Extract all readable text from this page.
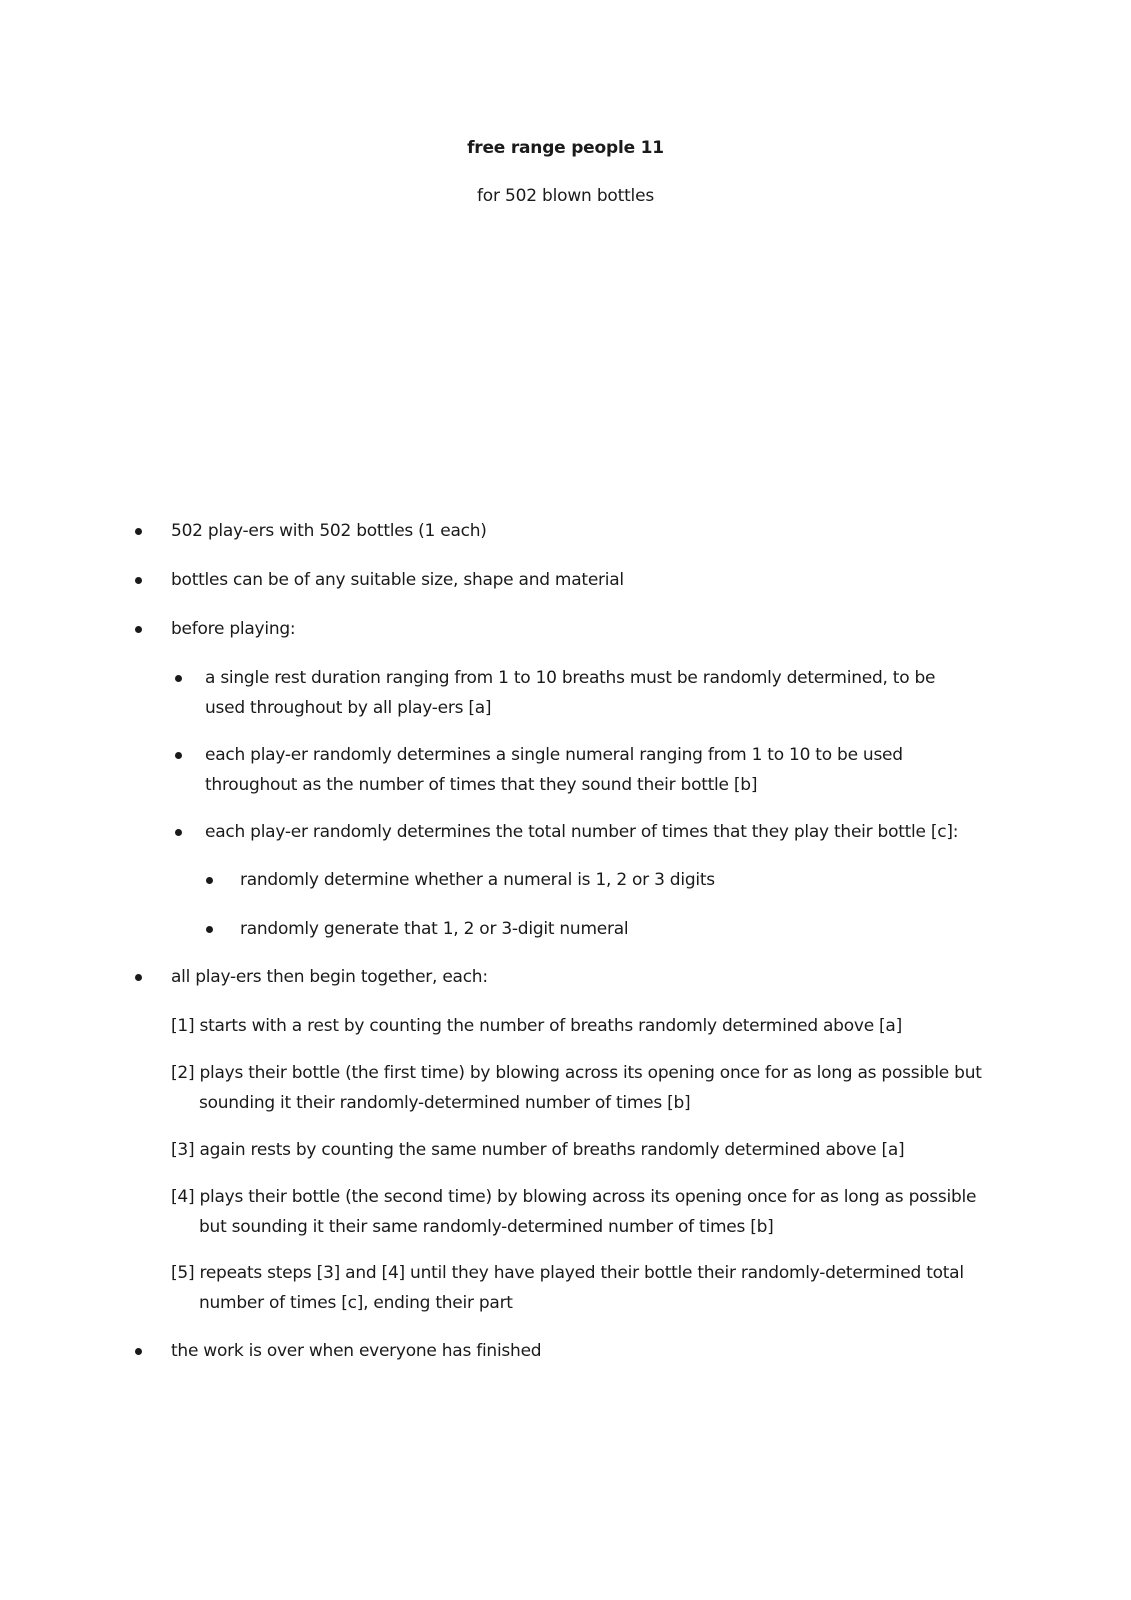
free range people 11
for 502 blown bottles
502 play-ers with 502 bottles (1 each)
bottles can be of any suitable size, shape and material
before playing:
a single rest duration ranging from 1 to 10 breaths must be randomly determined, to be
used throughout by all play-ers [a]
each play-er randomly determines a single numeral ranging from 1 to 10 to be used
throughout as the number of times that they sound their bottle [b]
each play-er randomly determines the total number of times that they play their bottle [c]:
randomly determine whether a numeral is 1, 2 or 3 digits
randomly generate that 1, 2 or 3-digit numeral
all play-ers then begin together, each:
[1] starts with a rest by counting the number of breaths randomly determined above [a]
[2] plays their bottle (the first time) by blowing across its opening once for as long as possible but
sounding it their randomly-determined number of times [b]
[3] again rests by counting the same number of breaths randomly determined above [a]
[4] plays their bottle (the second time) by blowing across its opening once for as long as possible
but sounding it their same randomly-determined number of times [b]
[5] repeats steps [3] and [4] until they have played their bottle their randomly-determined total
number of times [c], ending their part
the work is over when everyone has finished
